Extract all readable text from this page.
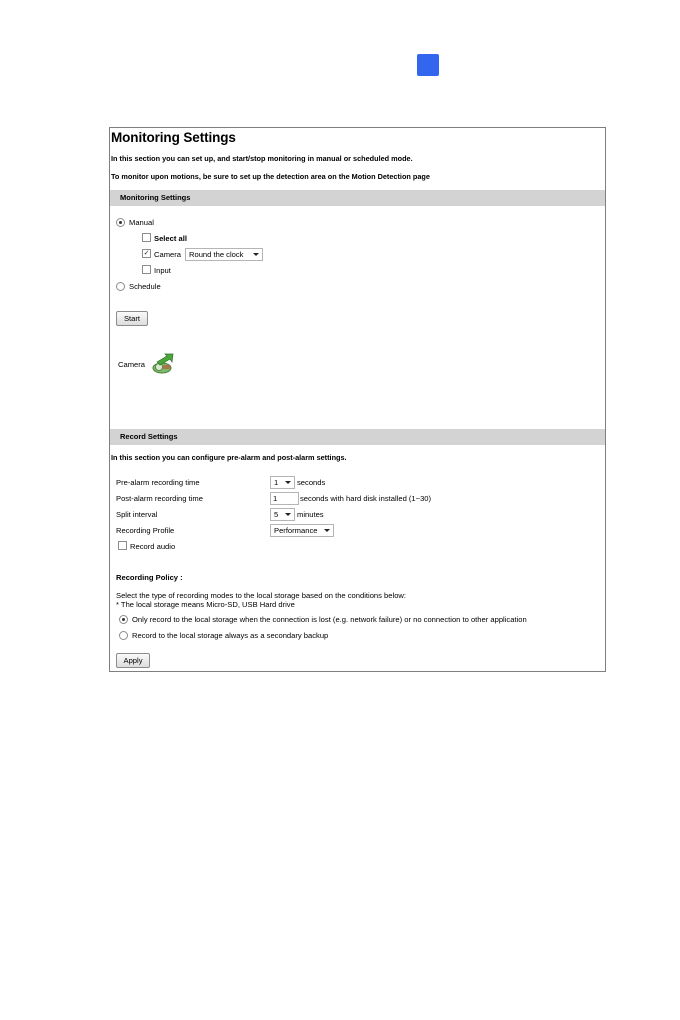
Monitoring Settings
In this section you can set up, and start/stop monitoring in manual or scheduled mode.
To monitor upon motions, be sure to set up the detection area on the Motion Detection page
Monitoring Settings
Manual
Select all
✓ Camera	Round the clock
Input
Schedule
Start
Camera
Record Settings
In this section you can configure pre-alarm and post-alarm settings.
Pre-alarm recording time	1	seconds
Post-alarm recording time	1	seconds with hard disk installed (1~30)
Split interval	5	minutes
Recording Profile	Performance
Record audio
Recording Policy :
Select the type of recording modes to the local storage based on the conditions below:
* The local storage means Micro-SD, USB Hard drive
Only record to the local storage when the connection is lost (e.g. network failure) or no connection to other application
Record to the local storage always as a secondary backup
Apply
